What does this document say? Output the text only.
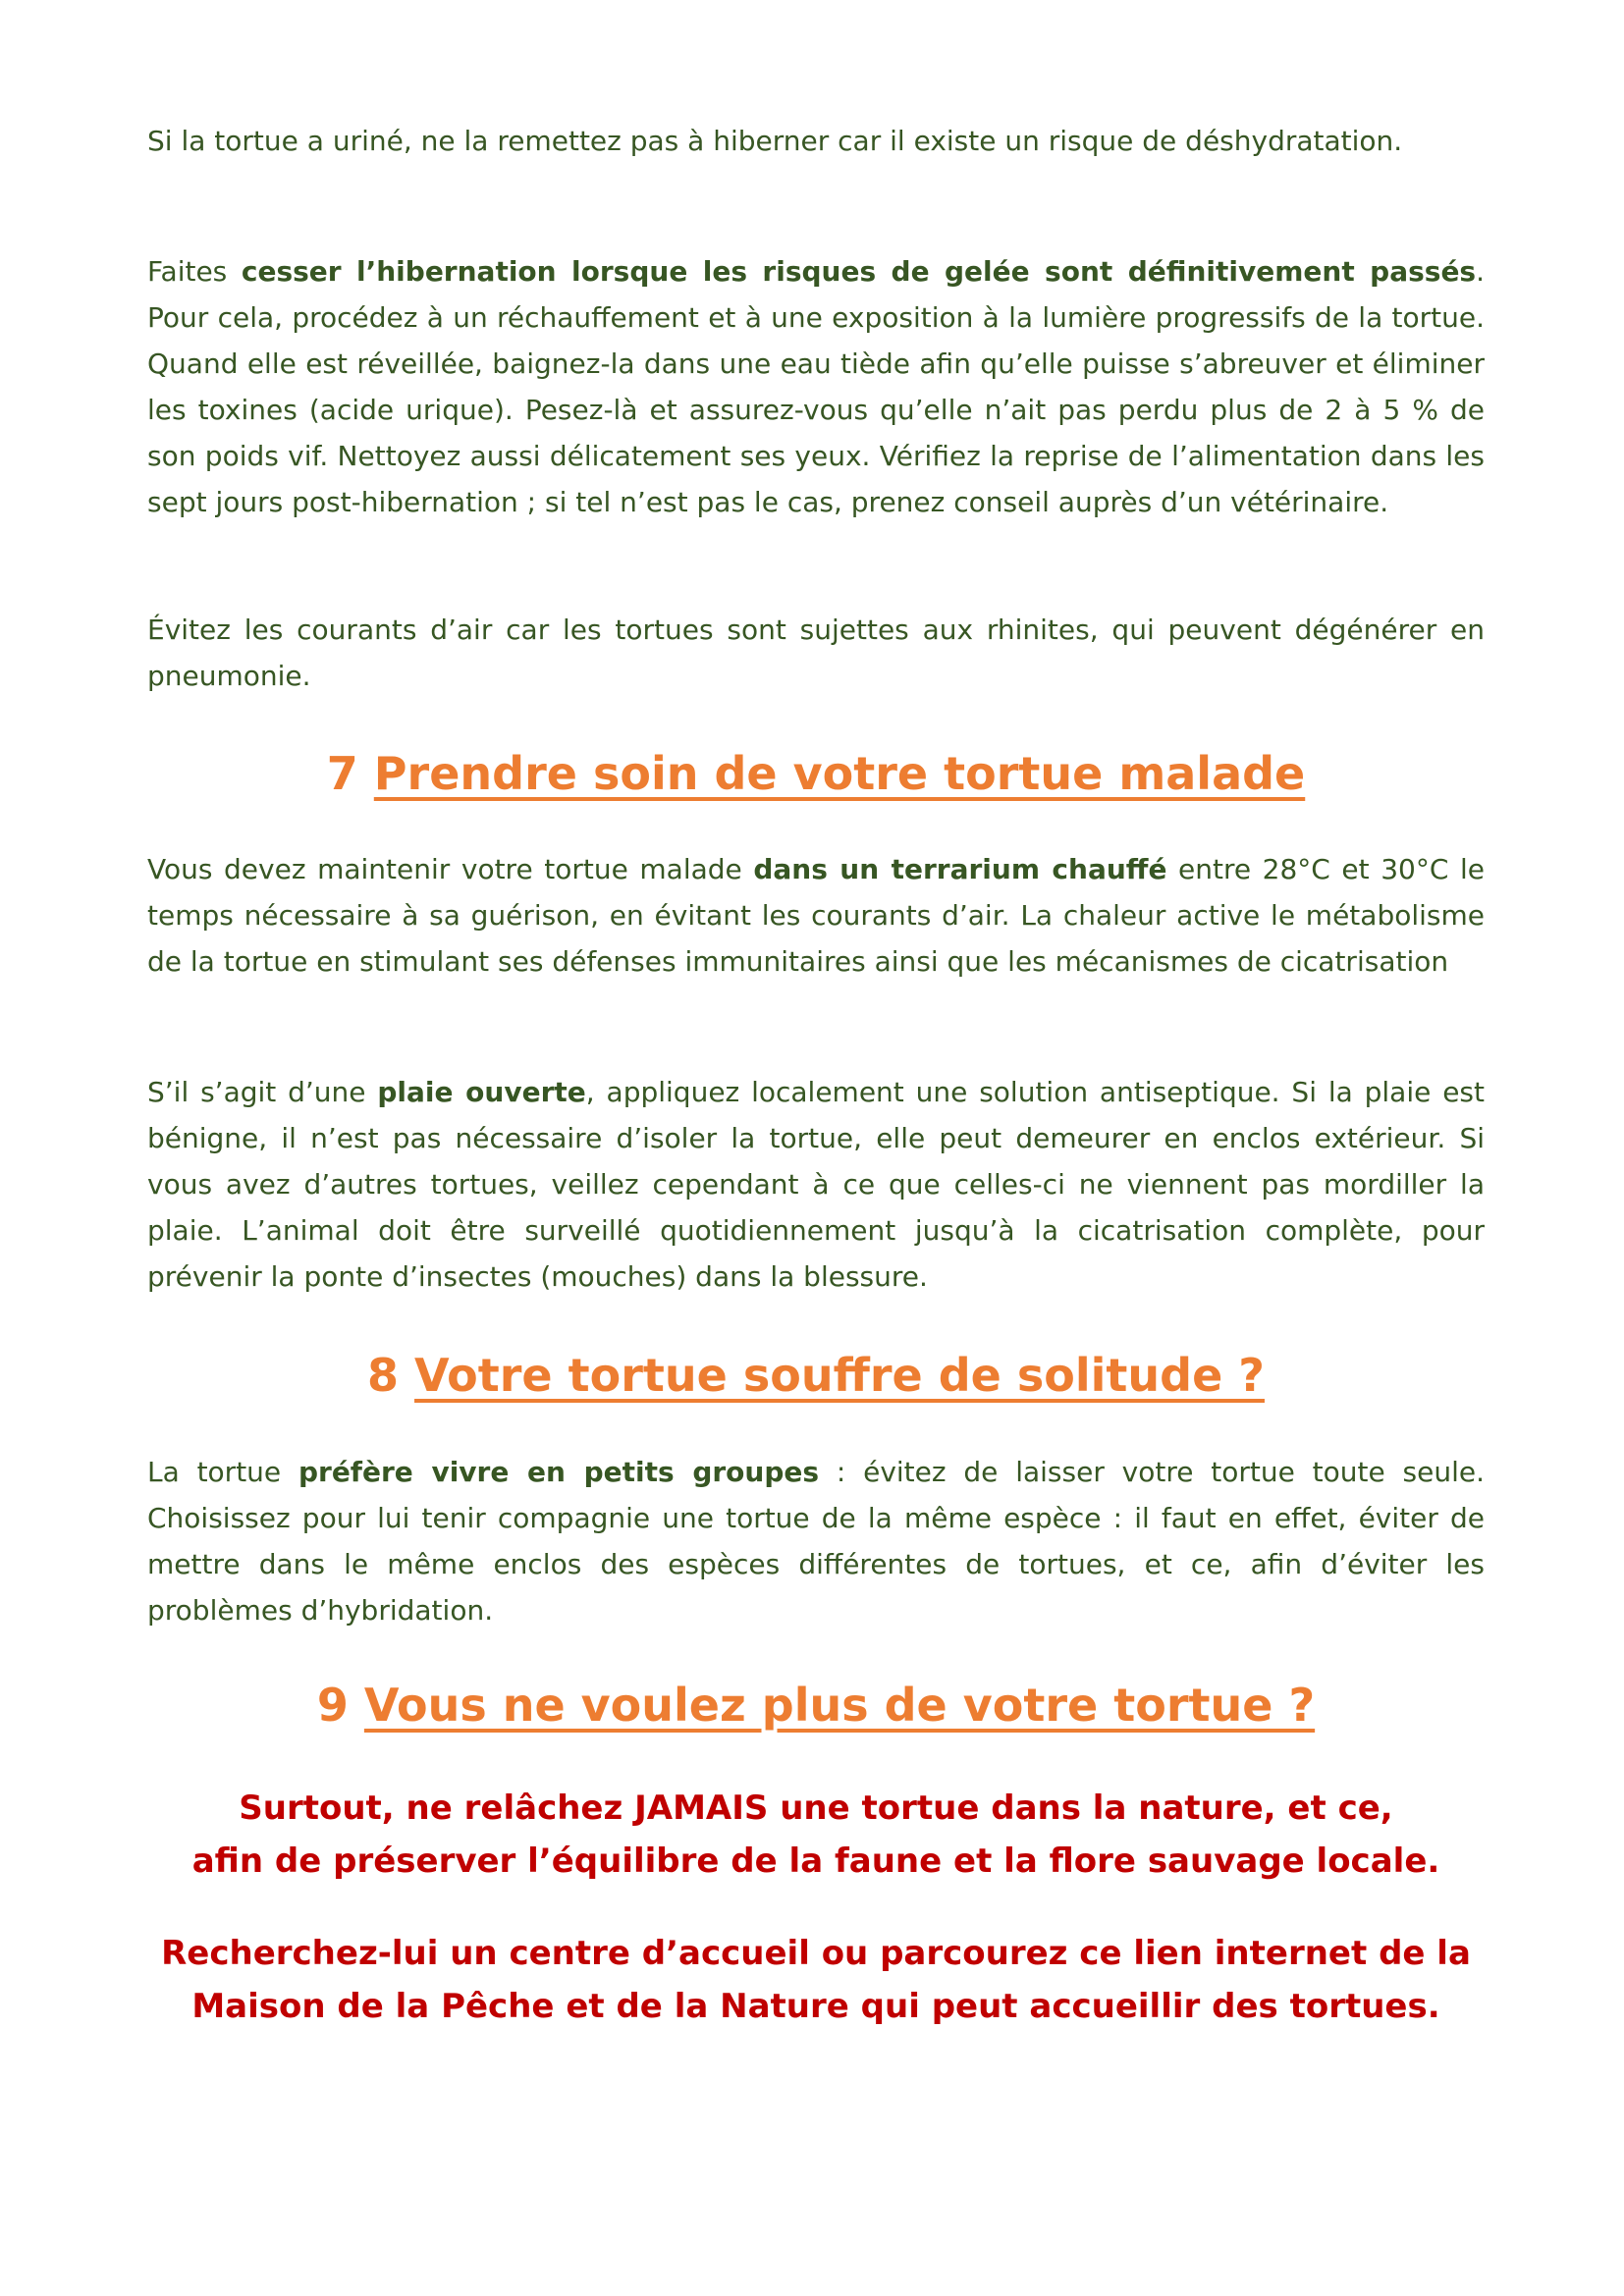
Si la tortue a uriné, ne la remettez pas à hiberner car il existe un risque de déshydratation.
Faites cesser l’hibernation lorsque les risques de gelée sont définitivement passés. Pour cela, procédez à un réchauffement et à une exposition à la lumière progressifs de la tortue. Quand elle est réveillée, baignez-la dans une eau tiède afin qu’elle puisse s’abreuver et éliminer les toxines (acide urique). Pesez-là et assurez-vous qu’elle n’ait pas perdu plus de 2 à 5 % de son poids vif. Nettoyez aussi délicatement ses yeux. Vérifiez la reprise de l’alimentation dans les sept jours post-hibernation ; si tel n’est pas le cas, prenez conseil auprès d’un vétérinaire.
Évitez les courants d’air car les tortues sont sujettes aux rhinites, qui peuvent dégénérer en pneumonie.
7 Prendre soin de votre tortue malade
Vous devez maintenir votre tortue malade dans un terrarium chauffé entre 28°C et 30°C le temps nécessaire à sa guérison, en évitant les courants d’air. La chaleur active le métabolisme de la tortue en stimulant ses défenses immunitaires ainsi que les mécanismes de cicatrisation
S’il s’agit d’une plaie ouverte, appliquez localement une solution antiseptique. Si la plaie est bénigne, il n’est pas nécessaire d’isoler la tortue, elle peut demeurer en enclos extérieur. Si vous avez d’autres tortues, veillez cependant à ce que celles-ci ne viennent pas mordiller la plaie. L’animal doit être surveillé quotidiennement jusqu’à la cicatrisation complète, pour prévenir la ponte d’insectes (mouches) dans la blessure.
8 Votre tortue souffre de solitude ?
La tortue préfère vivre en petits groupes : évitez de laisser votre tortue toute seule. Choisissez pour lui tenir compagnie une tortue de la même espèce : il faut en effet, éviter de mettre dans le même enclos des espèces différentes de tortues, et ce, afin d’éviter les problèmes d’hybridation.
9 Vous ne voulez plus de votre tortue ?
Surtout, ne relâchez JAMAIS une tortue dans la nature, et ce,
afin de préserver l’équilibre de la faune et la flore sauvage locale.
Recherchez-lui un centre d’accueil ou parcourez ce lien internet de la
Maison de la Pêche et de la Nature qui peut accueillir des tortues.
